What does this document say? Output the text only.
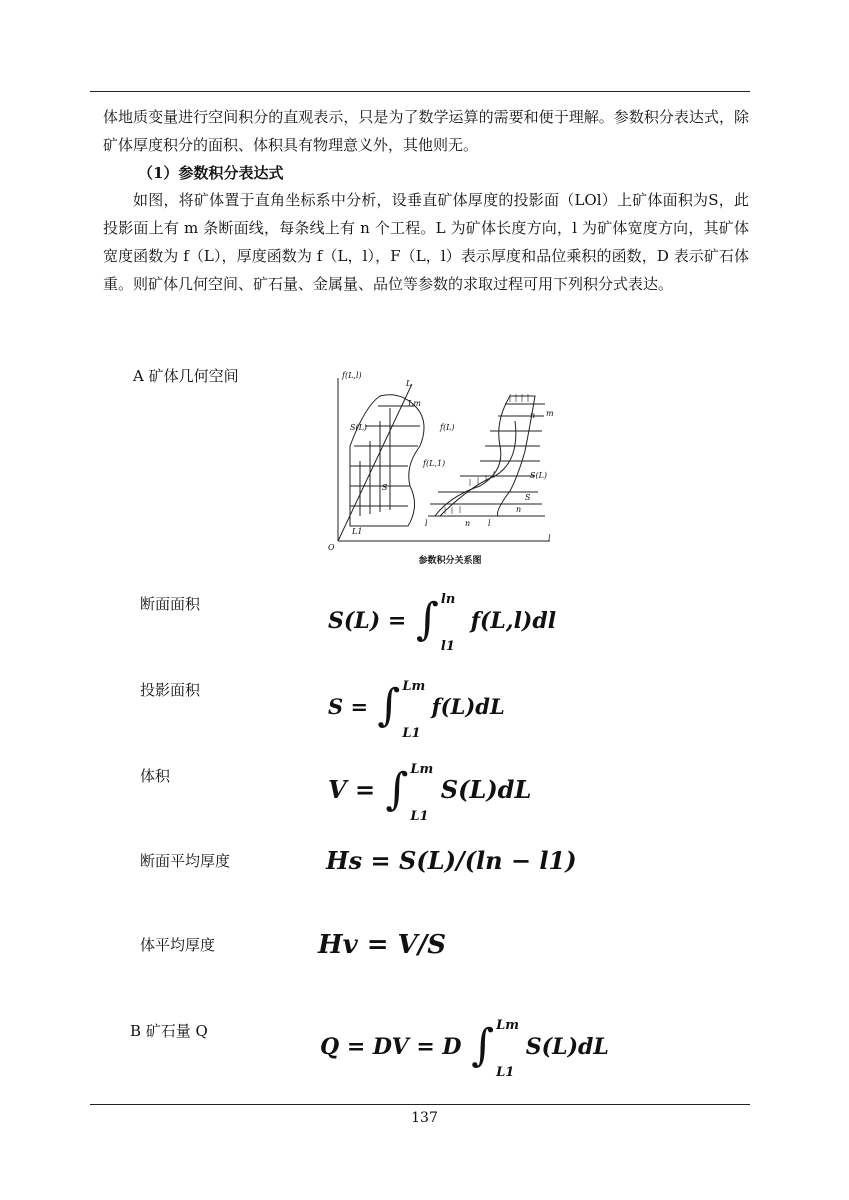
体地质变量进行空间积分的直观表示，只是为了数学运算的需要和便于理解。参数积分表达式，除矿体厚度积分的面积、体积具有物理意义外，其他则无。

（1）参数积分表达式

如图，将矿体置于直角坐标系中分析，设垂直矿体厚度的投影面（LOl）上矿体面积为S，此投影面上有 m 条断面线，每条线上有 n 个工程。L 为矿体长度方向，l 为矿体宽度方向，其矿体宽度函数为 f（L），厚度函数为 f（L，l），F（L，l）表示厚度和品位乘积的函数，D 表示矿石体重。则矿体几何空间、矿石量、金属量、品位等参数的求取过程可用下列积分式表达。

A 矿体几何空间	f(L,l)
L
Lm
S(L)	f(L)
S
L1
O
l
m
n
f(L,1)
S(L)
S
n
l	n l
参数积分关系图
断面面积
投影面积
体积
断面平均厚度
体平均厚度
B 矿石量 Q
S(L) = ∫ ln
l1
f(L,l)dl
S = ∫ Lm
L1
f(L)dL
V = ∫ Lm
L1
S(L)dL
Hs = S(L)/(ln − l1)
Hv = V/S
Q = DV = D ∫ Lm
L1
S(L)dL
137
